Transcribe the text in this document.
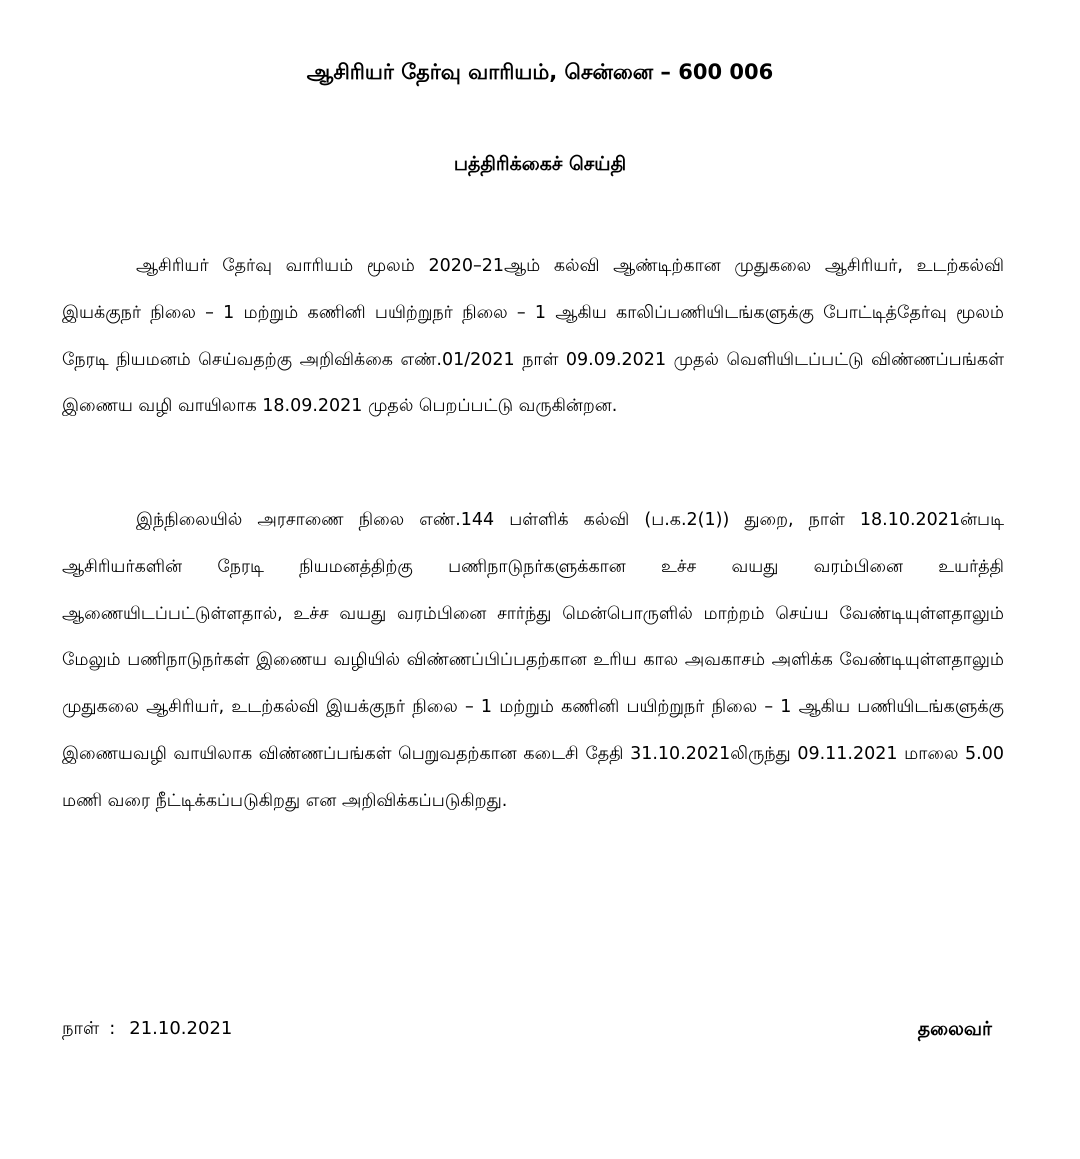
ஆசிரியர் தேர்வு வாரியம், சென்னை – 600 006
பத்திரிக்கைச் செய்தி

ஆசிரியர் தேர்வு வாரியம் மூலம் 2020–21ஆம் கல்வி ஆண்டிற்கான முதுகலை ஆசிரியர், உடற்கல்வி இயக்குநர் நிலை – 1 மற்றும் கணினி பயிற்றுநர் நிலை – 1 ஆகிய காலிப்பணியிடங்களுக்கு போட்டித்தேர்வு மூலம் நேரடி நியமனம் செய்வதற்கு அறிவிக்கை எண்.01/2021 நாள் 09.09.2021 முதல் வெளியிடப்பட்டு விண்ணப்பங்கள் இணைய வழி வாயிலாக 18.09.2021 முதல் பெறப்பட்டு வருகின்றன.

இந்நிலையில் அரசாணை நிலை எண்.144 பள்ளிக் கல்வி (ப.க.2(1)) துறை, நாள் 18.10.2021ன்படி ஆசிரியர்களின் நேரடி நியமனத்திற்கு பணிநாடுநர்களுக்கான உச்ச வயது வரம்பினை உயர்த்தி ஆணையிடப்பட்டுள்ளதால், உச்ச வயது வரம்பினை சார்ந்து மென்பொருளில் மாற்றம் செய்ய வேண்டியுள்ளதாலும் மேலும் பணிநாடுநர்கள் இணைய வழியில் விண்ணப்பிப்பதற்கான உரிய கால அவகாசம் அளிக்க வேண்டியுள்ளதாலும் முதுகலை ஆசிரியர், உடற்கல்வி இயக்குநர் நிலை – 1 மற்றும் கணினி பயிற்றுநர் நிலை – 1 ஆகிய பணியிடங்களுக்கு இணையவழி வாயிலாக விண்ணப்பங்கள் பெறுவதற்கான கடைசி தேதி 31.10.2021லிருந்து 09.11.2021 மாலை 5.00 மணி வரை நீட்டிக்கப்படுகிறது என அறிவிக்கப்படுகிறது.

நாள் : 21.10.2021	தலைவர்
